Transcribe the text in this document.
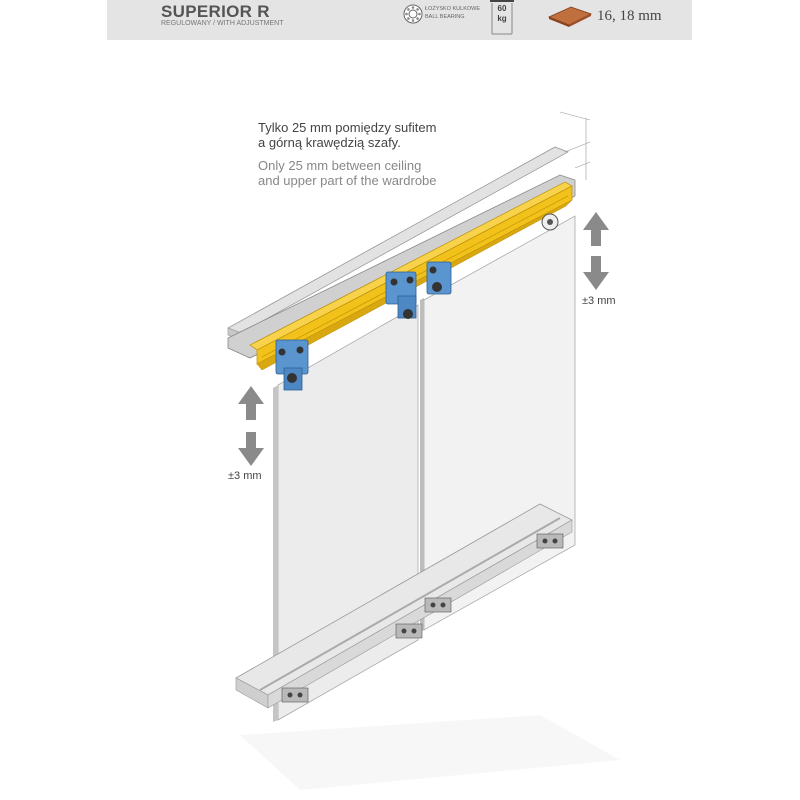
SUPERIOR R
REGULOWANY / WITH ADJUSTMENT
ŁOŻYSKO KULKOWE
BALL BEARING
60
kg	16, 18 mm
Tylko 25 mm pomiędzy sufitem
a górną krawędzią szafy.
Only 25 mm between ceiling
and upper part of the wardrobe
±3 mm
±3 mm
